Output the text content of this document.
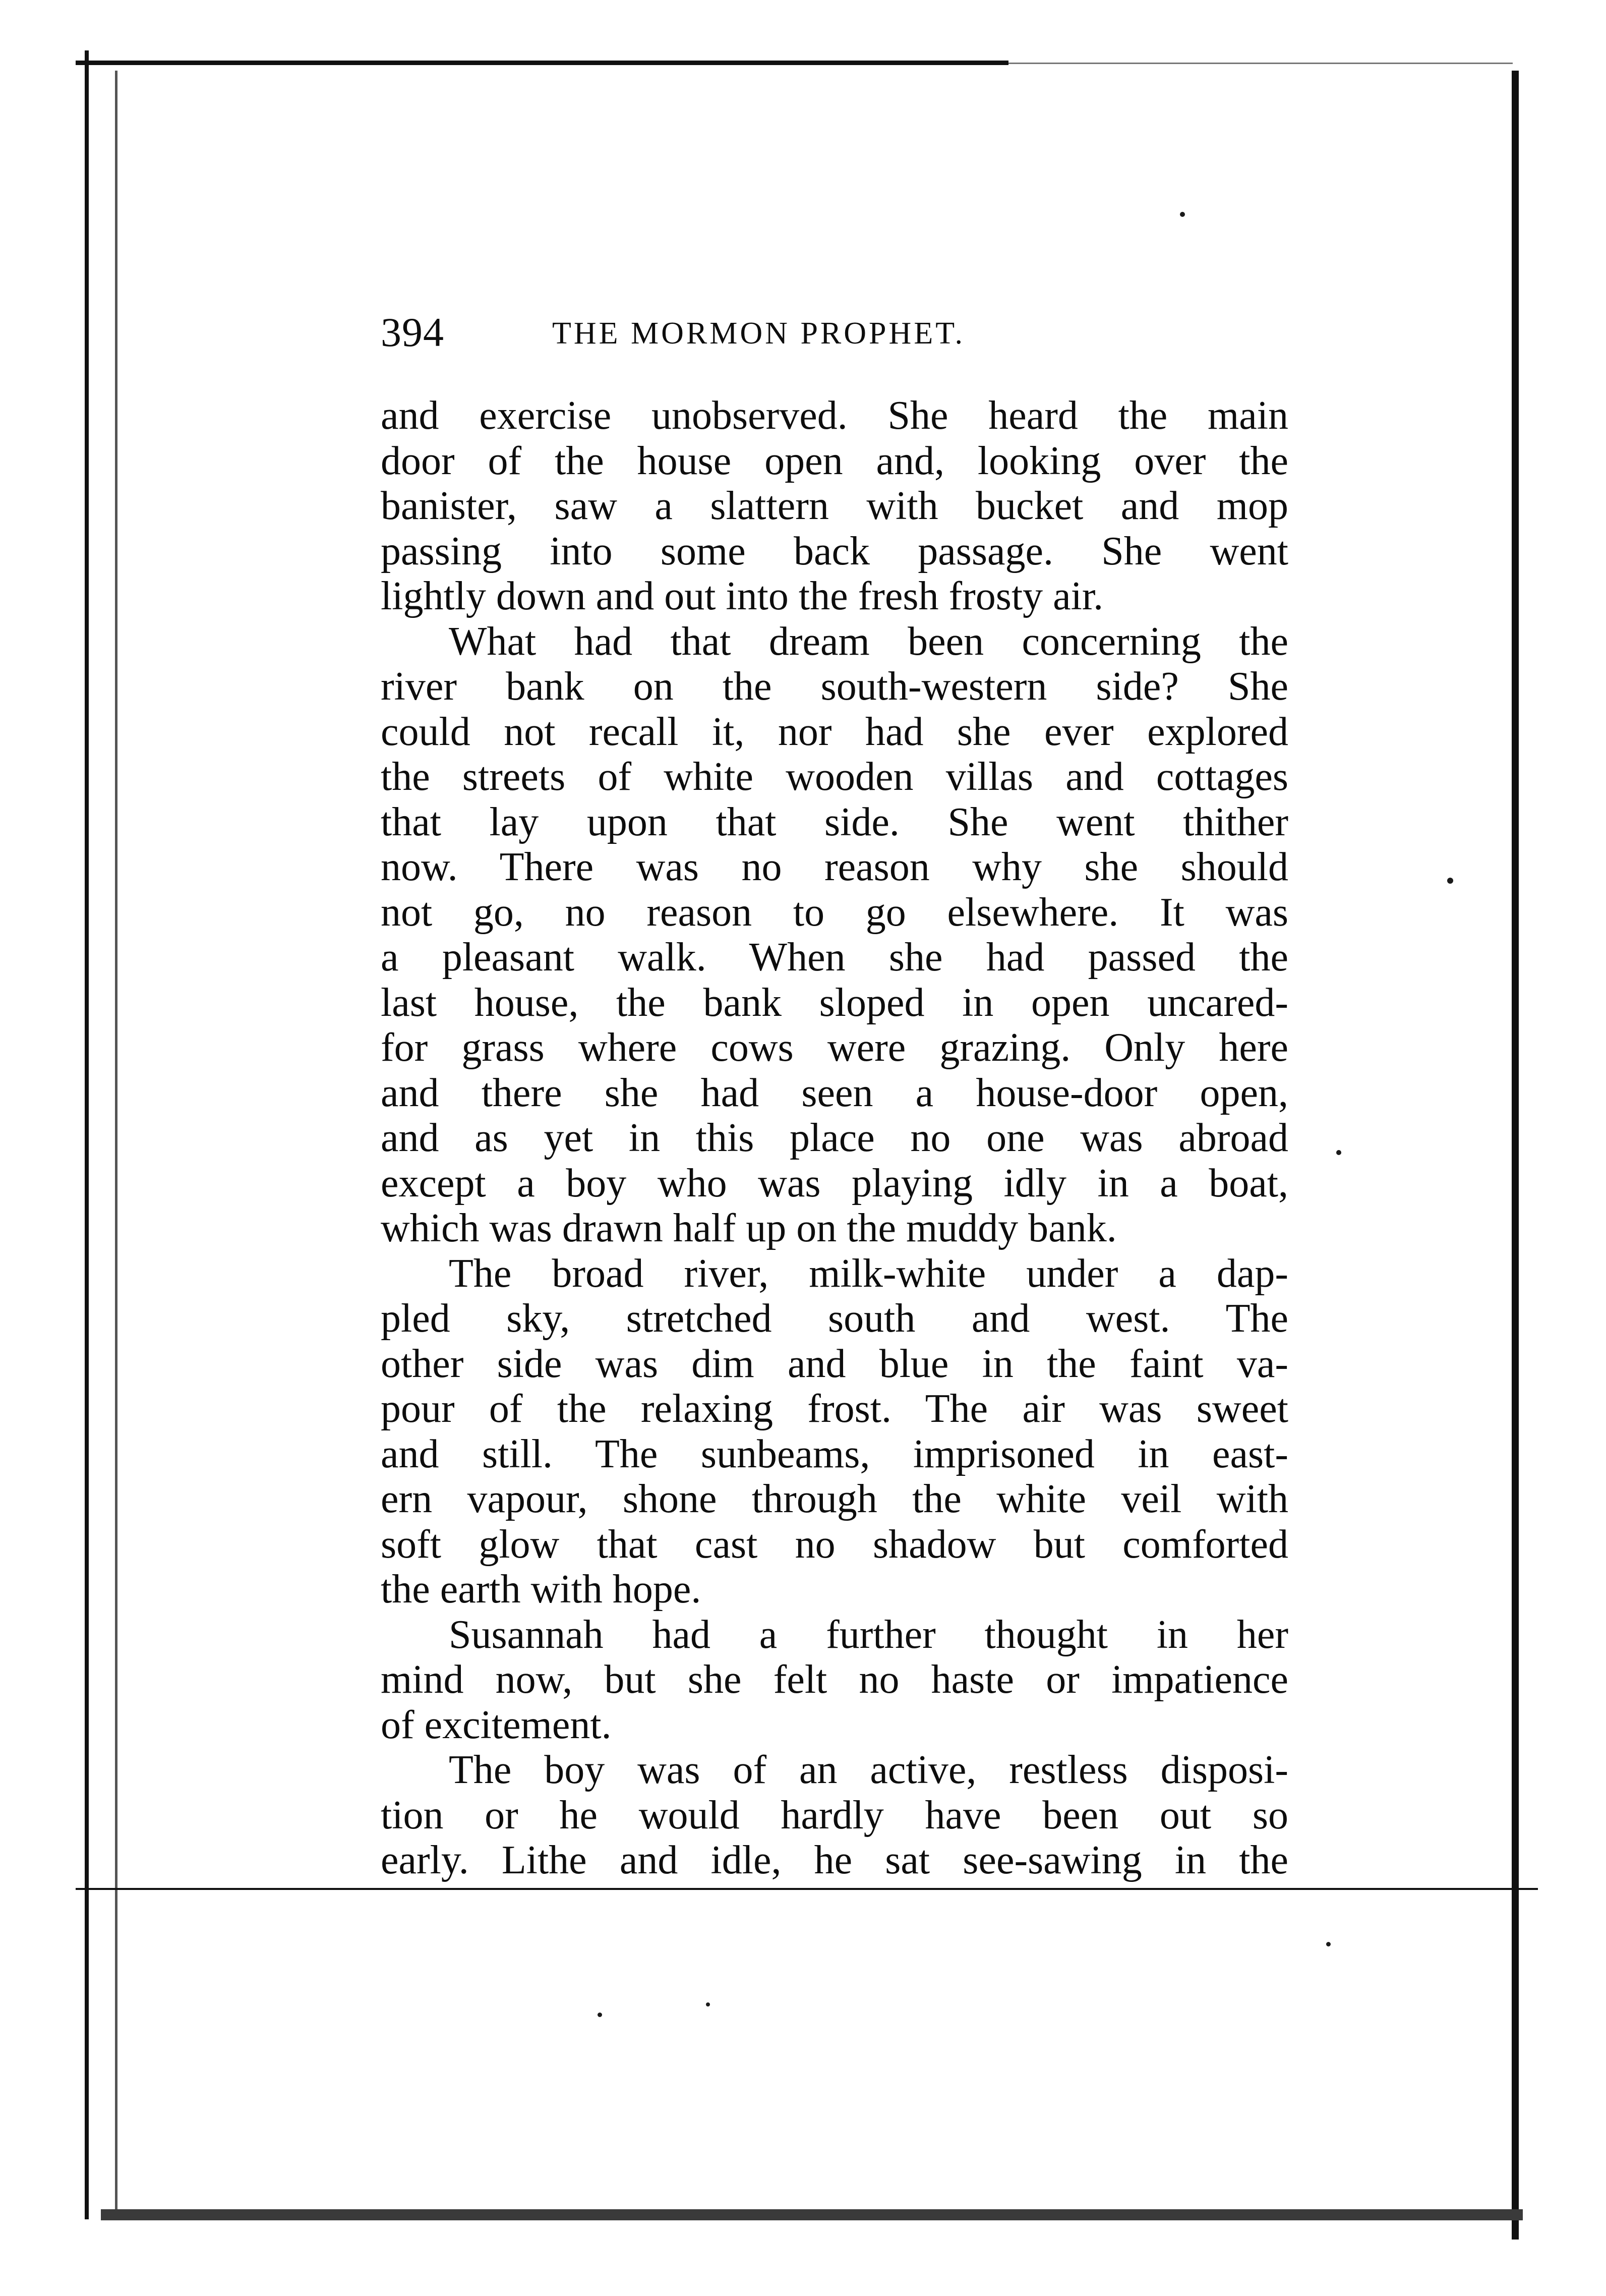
394	THE MORMON PROPHET.
and exercise unobserved. She heard the main
door of the house open and, looking over the
banister, saw a slattern with bucket and mop
passing into some back passage. She went
lightly down and out into the fresh frosty air.
What had that dream been concerning the
river bank on the south-western side? She
could not recall it, nor had she ever explored
the streets of white wooden villas and cottages
that lay upon that side. She went thither
now. There was no reason why she should
not go, no reason to go elsewhere. It was
a pleasant walk. When she had passed the
last house, the bank sloped in open uncared-
for grass where cows were grazing. Only here
and there she had seen a house-door open,
and as yet in this place no one was abroad
except a boy who was playing idly in a boat,
which was drawn half up on the muddy bank.
The broad river, milk-white under a dap-
pled sky, stretched south and west. The
other side was dim and blue in the faint va-
pour of the relaxing frost. The air was sweet
and still. The sunbeams, imprisoned in east-
ern vapour, shone through the white veil with
soft glow that cast no shadow but comforted
the earth with hope.
Susannah had a further thought in her
mind now, but she felt no haste or impatience
of excitement.
The boy was of an active, restless disposi-
tion or he would hardly have been out so
early. Lithe and idle, he sat see-sawing in the
